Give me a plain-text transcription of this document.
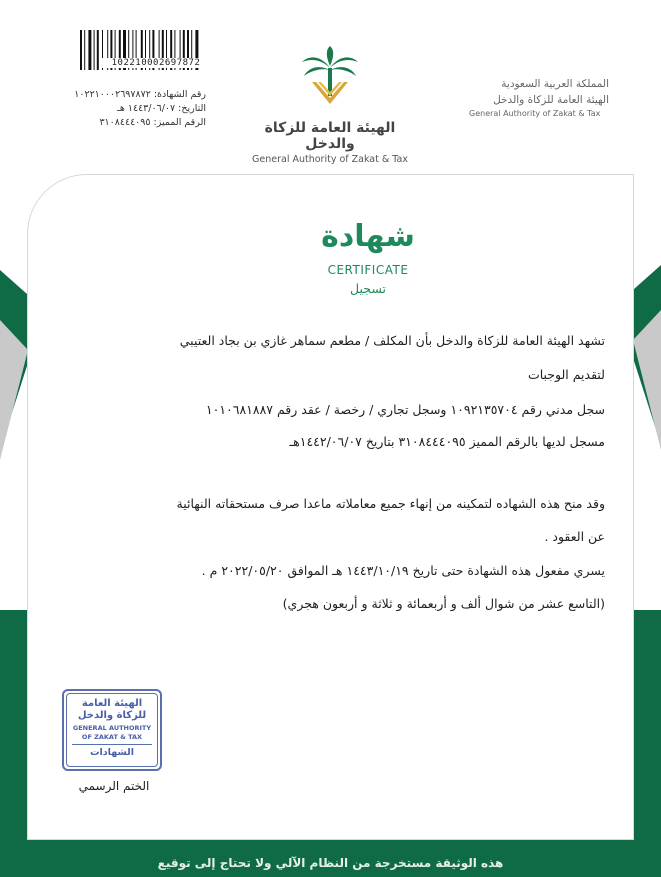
102210002697872
رقم الشهادة: ١٠٢٢١٠٠٠٢٦٩٧٨٧٢
التاريخ: ١٤٤٣/٠٦/٠٧ هـ
الرقم المميز: ٣١٠٨٤٤٤٠٩٥	الهيئة العامة للزكاة والدخل
General Authority of Zakat & Tax
المملكة العربية السعودية
الهيئة العامة للزكاة والدخل
General Authority of Zakat & Tax
شهادة
CERTIFICATE
تسجيل
تشهد الهيئة العامة للزكاة والدخل بأن المكلف / مطعم سماهر غازي بن بجاد العتيبي
لتقديم الوجبات
سجل مدني رقم ١٠٩٢١٣٥٧٠٤ وسجل تجاري / رخصة / عقد رقم ١٠١٠٦٨١٨٨٧
مسجل لديها بالرقم المميز ٣١٠٨٤٤٤٠٩٥ بتاريخ ١٤٤٢/٠٦/٠٧هـ
وقد منح هذه الشهاده لتمكينه من إنهاء جميع معاملاته ماعدا صرف مستحقاته النهائية
عن العقود .
يسري مفعول هذه الشهادة حتى تاريخ ١٤٤٣/١٠/١٩ هـ الموافق ٢٠٢٢/٠٥/٢٠ م .
(التاسع عشر من شوال ألف و أربعمائة و ثلاثة و أربعون هجري)
الهيئة العامة
للزكاة والدخل
GENERAL AUTHORITY
OF ZAKAT & TAX
الشهادات
الختم الرسمي
هذه الوثيقة مستخرجة من النظام الآلي ولا تحتاج إلى توقيع
